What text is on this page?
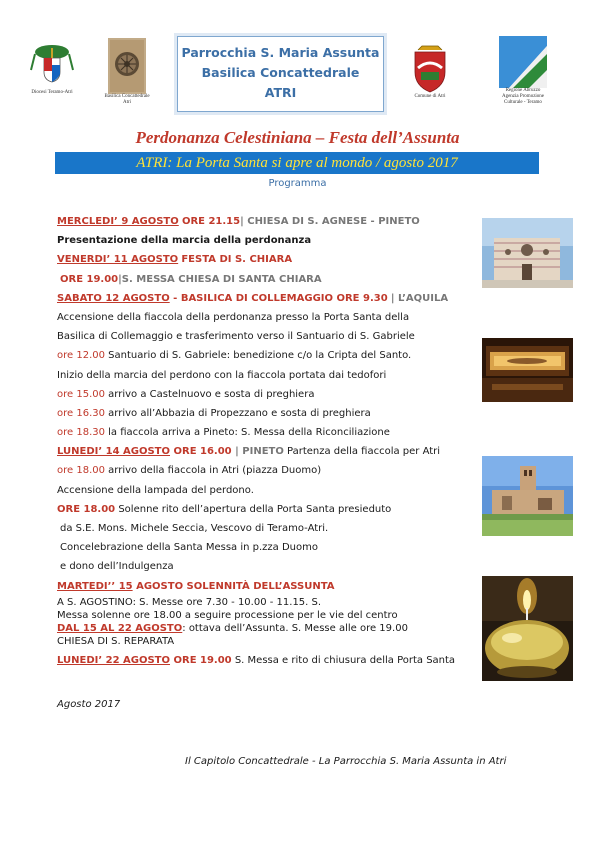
Diocesi Teramo-Atri
Basilica Concattedrale
Atri
Parrocchia S. Maria Assunta
Basilica Concattedrale
ATRI	Comune di Atri
Regione Abruzzo
Agenzia Promozione
Culturale - Teramo
Perdonanza Celestiniana – Festa dell’Assunta
ATRI: La Porta Santa si apre al mondo / agosto 2017
Programma
MERCLEDI’ 9 AGOSTO ORE 21.15| CHIESA DI S. AGNESE - PINETO
Presentazione della marcia della perdonanza
VENERDI’ 11 AGOSTO FESTA DI S. CHIARA
ORE 19.00|S. MESSA CHIESA DI SANTA CHIARA
SABATO 12 AGOSTO - BASILICA DI COLLEMAGGIO ORE 9.30 | L’AQUILA
Accensione della fiaccola della perdonanza presso la Porta Santa della
Basilica di Collemaggio e trasferimento verso il Santuario di S. Gabriele
ore 12.00 Santuario di S. Gabriele: benedizione c/o la Cripta del Santo.
Inizio della marcia del perdono con la fiaccola portata dai tedofori
ore 15.00 arrivo a Castelnuovo e sosta di preghiera
ore 16.30 arrivo all’Abbazia di Propezzano e sosta di preghiera
ore 18.30 la fiaccola arriva a Pineto: S. Messa della Riconciliazione
LUNEDI’ 14 AGOSTO ORE 16.00 | PINETO Partenza della fiaccola per Atri
ore 18.00 arrivo della fiaccola in Atri (piazza Duomo)
Accensione della lampada del perdono.
ORE 18.00 Solenne rito dell’apertura della Porta Santa presieduto
da S.E. Mons. Michele Seccia, Vescovo di Teramo-Atri.
Concelebrazione della Santa Messa in p.zza Duomo
e dono dell’Indulgenza
MARTEDI’’ 15 AGOSTO SOLENNITÀ DELL’ASSUNTA
A S. AGOSTINO: S. Messe ore 7.30 - 10.00 - 11.15. S.
Messa solenne ore 18.00 a seguire processione per le vie del centro
DAL 15 AL 22 AGOSTO: ottava dell’Assunta. S. Messe alle ore 19.00
CHIESA DI S. REPARATA
LUNEDI’ 22 AGOSTO ORE 19.00 S. Messa e rito di chiusura della Porta Santa
Agosto 2017
Il Capitolo Concattedrale - La Parrocchia S. Maria Assunta in Atri
